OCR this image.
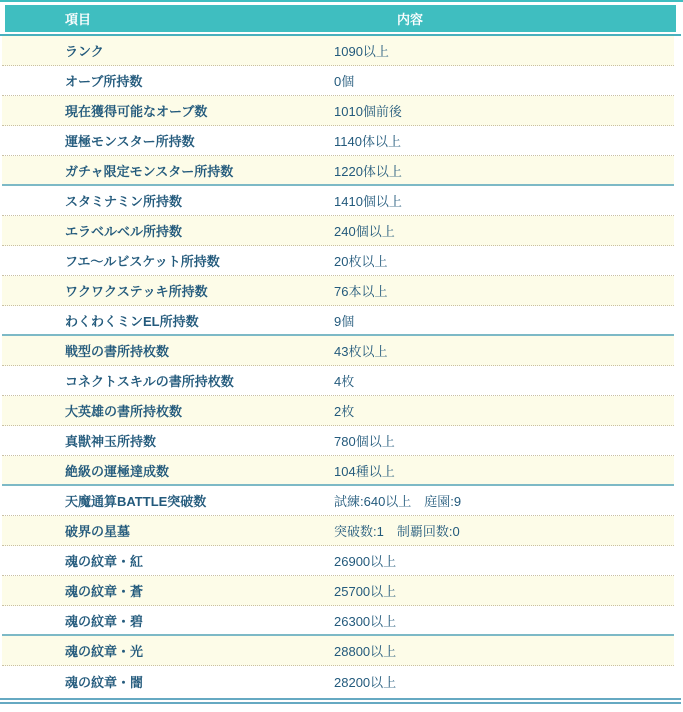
項目	内容
ランク	1090以上
オーブ所持数	0個
現在獲得可能なオーブ数	1010個前後
運極モンスター所持数	1140体以上
ガチャ限定モンスター所持数	1220体以上
スタミナミン所持数	1410個以上
エラベルベル所持数	240個以上
フエ〜ルビスケット所持数	20枚以上
ワクワクステッキ所持数	76本以上
わくわくミンEL所持数	9個
戦型の書所持枚数	43枚以上
コネクトスキルの書所持枚数	4枚
大英雄の書所持枚数	2枚
真獣神玉所持数	780個以上
絶級の運極達成数	104種以上
天魔通算BATTLE突破数	試練:640以上　庭園:9
破界の星墓	突破数:1　制覇回数:0
魂の紋章・紅	26900以上
魂の紋章・蒼	25700以上
魂の紋章・碧	26300以上
魂の紋章・光	28800以上
魂の紋章・闇	28200以上
